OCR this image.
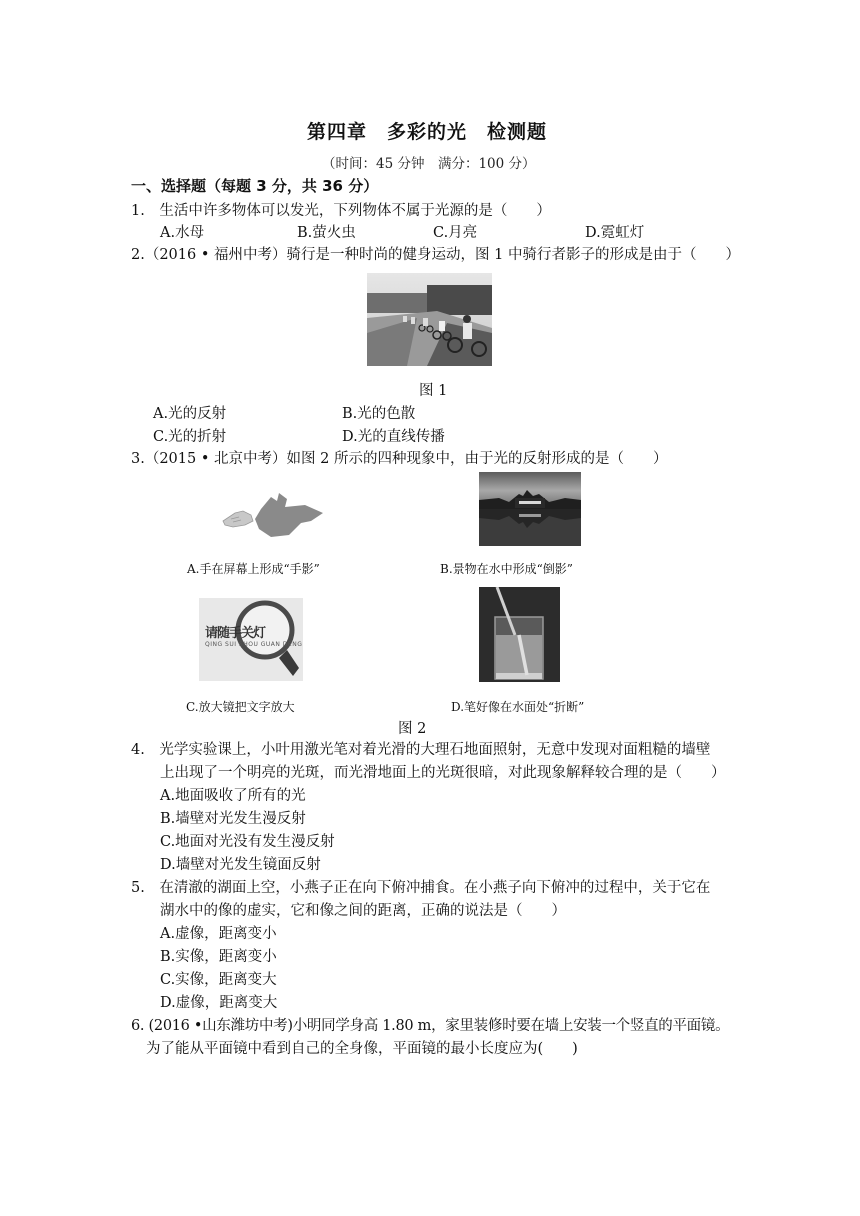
第四章　多彩的光　检测题
（时间：45 分钟　满分：100 分）
一、选择题（每题 3 分，共 36 分）
1.　生活中许多物体可以发光，下列物体不属于光源的是（　　）
A.水母	B.萤火虫	C.月亮	D.霓虹灯
2.（2016 • 福州中考）骑行是一种时尚的健身运动，图 1 中骑行者影子的形成是由于（　　）
图 1
A.光的反射	B.光的色散
C.光的折射	D.光的直线传播
3.（2015 • 北京中考）如图 2 所示的四种现象中，由于光的反射形成的是（　　）
A.手在屏幕上形成“手影”	B.景物在水中形成“倒影”
请随手关灯
QING SUI SHOU GUAN DENG
C.放大镜把文字放大	D.笔好像在水面处“折断”
图 2
4.　光学实验课上，小叶用激光笔对着光滑的大理石地面照射，无意中发现对面粗糙的墙壁
上出现了一个明亮的光斑，而光滑地面上的光斑很暗，对此现象解释较合理的是（　　）
A.地面吸收了所有的光
B.墙壁对光发生漫反射
C.地面对光没有发生漫反射
D.墙壁对光发生镜面反射
5.　在清澈的湖面上空，小燕子正在向下俯冲捕食。在小燕子向下俯冲的过程中，关于它在
湖水中的像的虚实，它和像之间的距离，正确的说法是（　　）
A.虚像，距离变小
B.实像，距离变小
C.实像，距离变大
D.虚像，距离变大
6. (2016 •山东潍坊中考)小明同学身高 1.80 m，家里装修时要在墙上安装一个竖直的平面镜。
为了能从平面镜中看到自己的全身像，平面镜的最小长度应为(　　)
